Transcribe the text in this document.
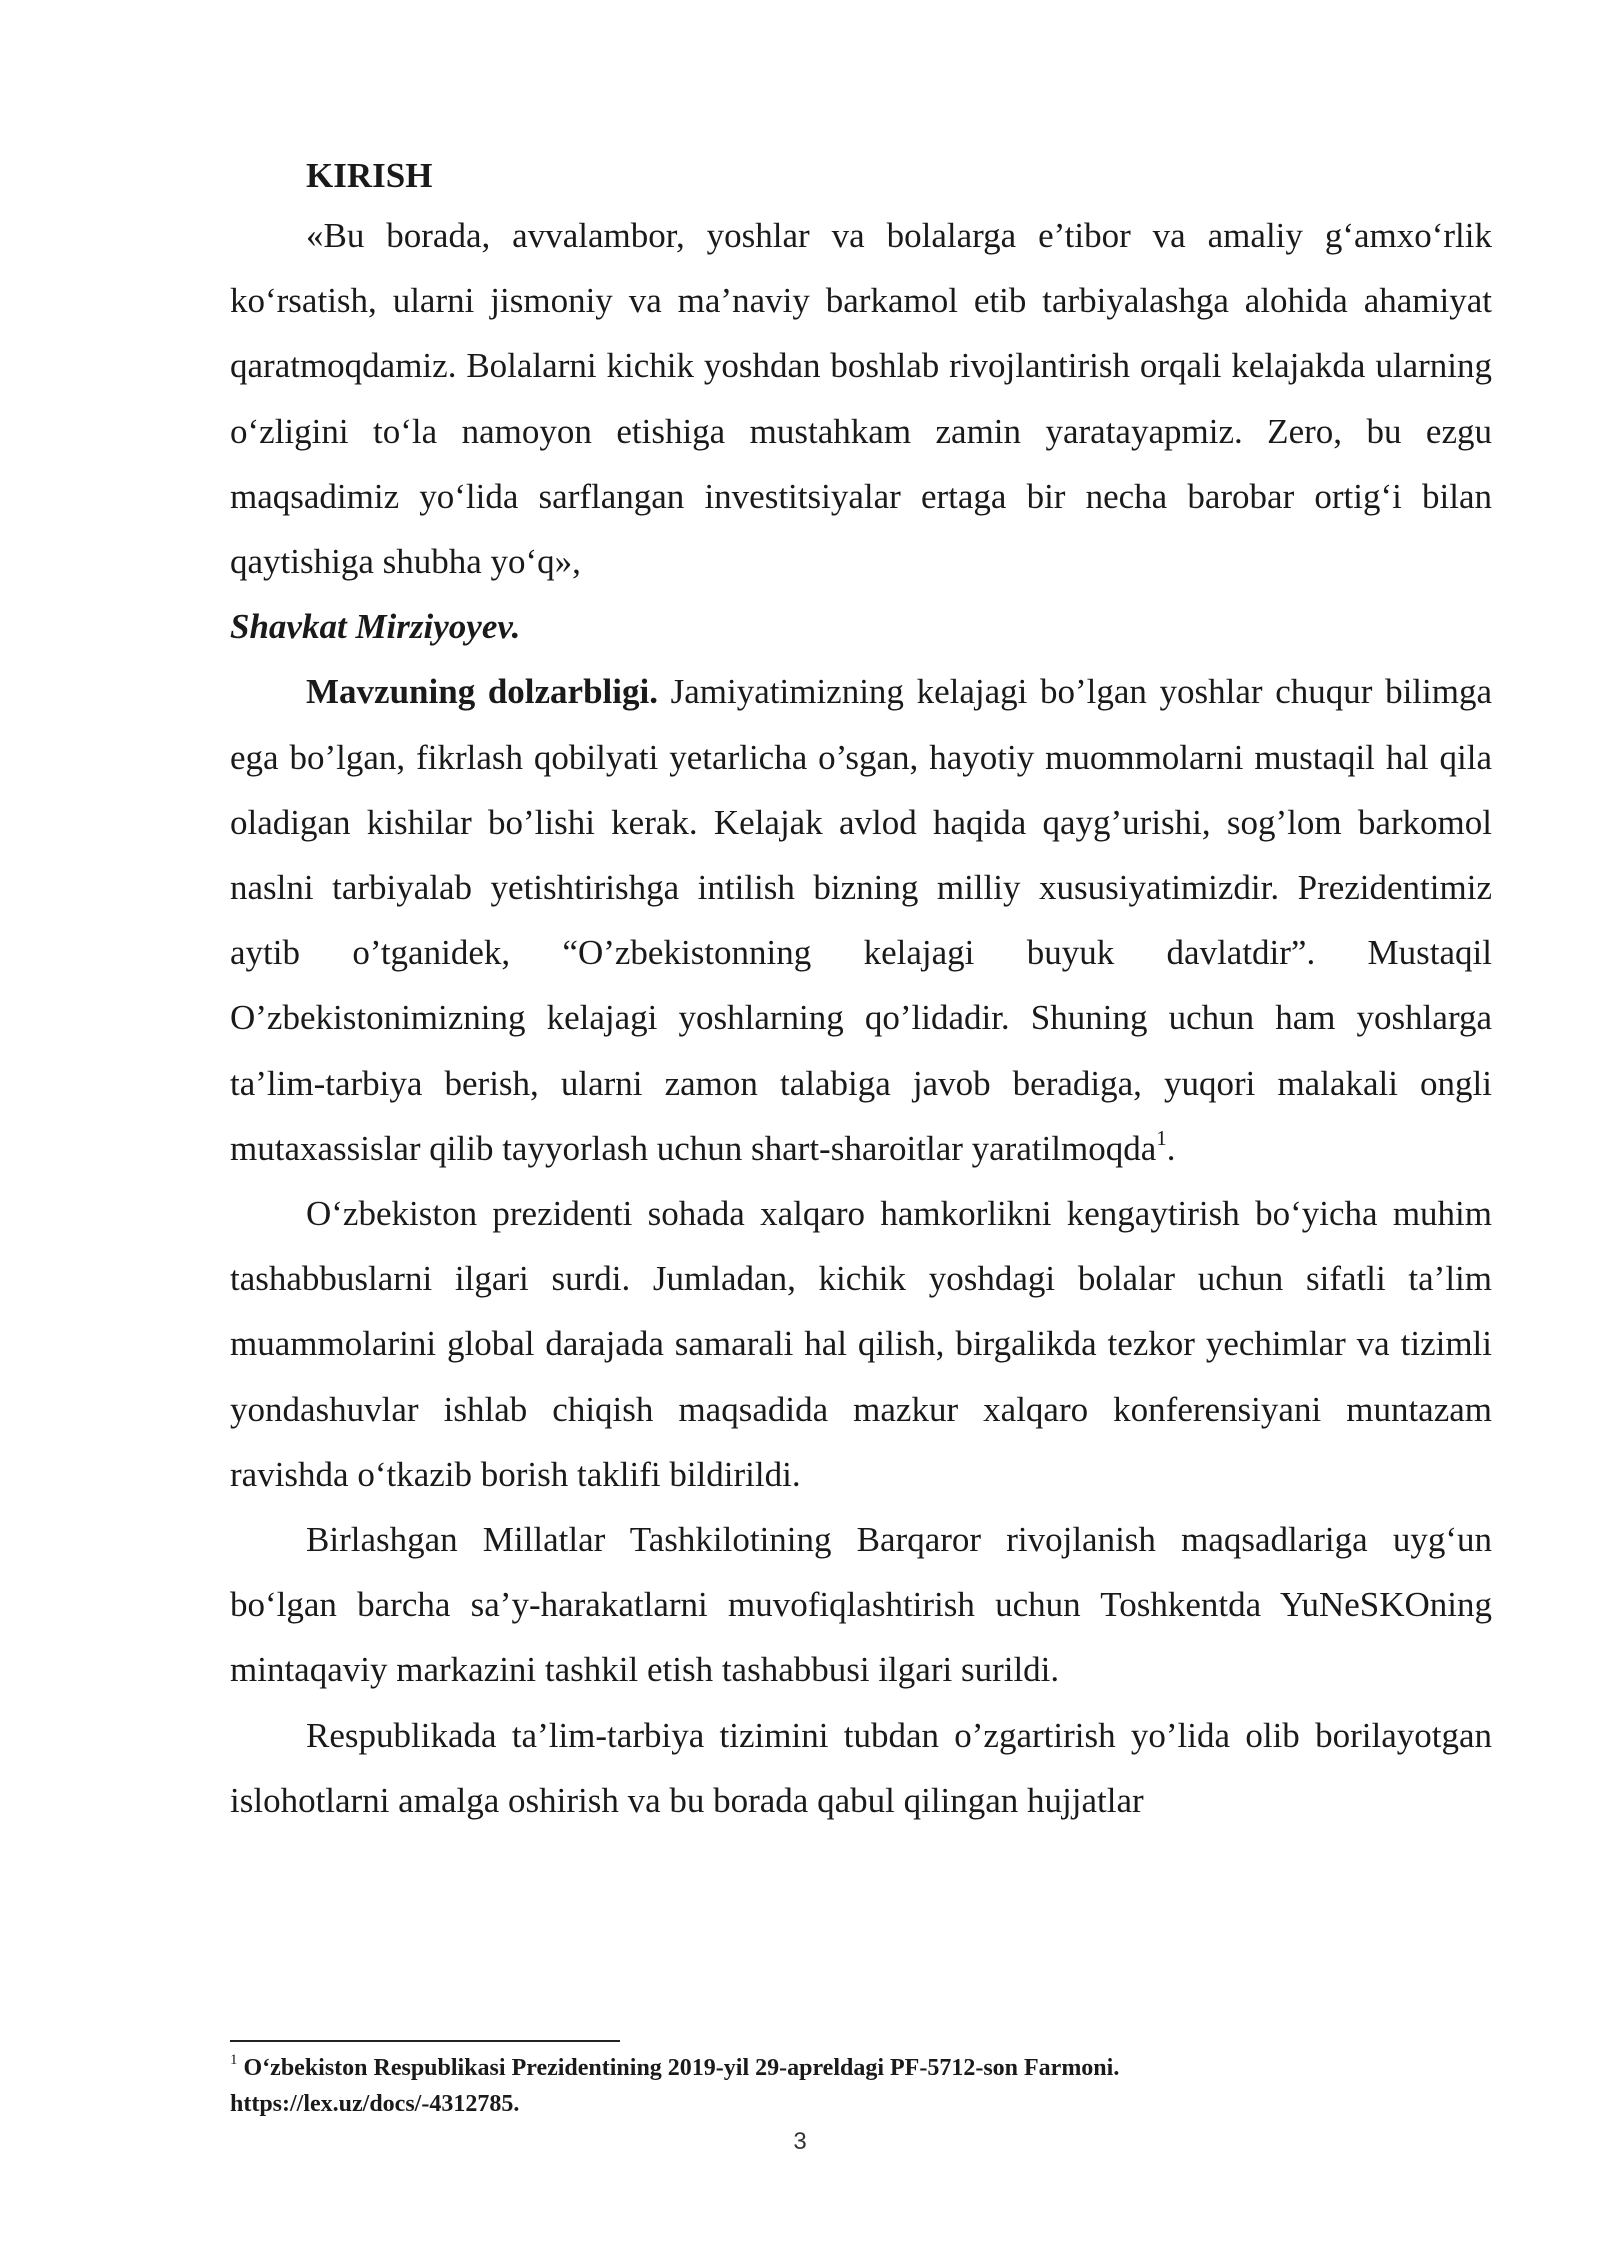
KIRISH

«Bu borada, avvalambor, yoshlar va bolalarga e’tibor va amaliy g‘amxo‘rlik ko‘rsatish, ularni jismoniy va ma’naviy barkamol etib tarbiyalashga alohida ahamiyat qaratmoqdamiz. Bolalarni kichik yoshdan boshlab rivojlantirish orqali kelajakda ularning o‘zligini to‘la namoyon etishiga mustahkam zamin yaratayapmiz. Zero, bu ezgu maqsadimiz yo‘lida sarflangan investitsiyalar ertaga bir necha barobar ortig‘i bilan qaytishiga shubha yo‘q»,

Shavkat Mirziyoyev.

Mavzuning dolzarbligi. Jamiyatimizning kelajagi bo’lgan yoshlar chuqur bilimga ega bo’lgan, fikrlash qobilyati yetarlicha o’sgan, hayotiy muommolarni mustaqil hal qila oladigan kishilar bo’lishi kerak. Kelajak avlod haqida qayg’urishi, sog’lom barkomol naslni tarbiyalab yetishtirishga intilish bizning milliy xususiyatimizdir. Prezidentimiz aytib o’tganidek, “O’zbekistonning kelajagi buyuk davlatdir”. Mustaqil O’zbekistonimizning kelajagi yoshlarning qo’lidadir. Shuning uchun ham yoshlarga ta’lim-tarbiya berish, ularni zamon talabiga javob beradiga, yuqori malakali ongli mutaxassislar qilib tayyorlash uchun shart-sharoitlar yaratilmoqda$^1$.

O‘zbekiston prezidenti sohada xalqaro hamkorlikni kengaytirish bo‘yicha muhim tashabbuslarni ilgari surdi. Jumladan, kichik yoshdagi bolalar uchun sifatli ta’lim muammolarini global darajada samarali hal qilish, birgalikda tezkor yechimlar va tizimli yondashuvlar ishlab chiqish maqsadida mazkur xalqaro konferensiyani muntazam ravishda o‘tkazib borish taklifi bildirildi.

Birlashgan Millatlar Tashkilotining Barqaror rivojlanish maqsadlariga uyg‘un bo‘lgan barcha sa’y-harakatlarni muvofiqlashtirish uchun Toshkentda YuNeSKOning mintaqaviy markazini tashkil etish tashabbusi ilgari surildi.

Respublikada ta’lim-tarbiya tizimini tubdan o’zgartirish yo’lida olib borilayotgan islohotlarni amalga oshirish va bu borada qabul qilingan hujjatlar

$^1$ O‘zbekiston Respublikasi Prezidentining 2019-yil 29-apreldagi PF-5712-son Farmoni.
https://lex.uz/docs/-4312785.
3
